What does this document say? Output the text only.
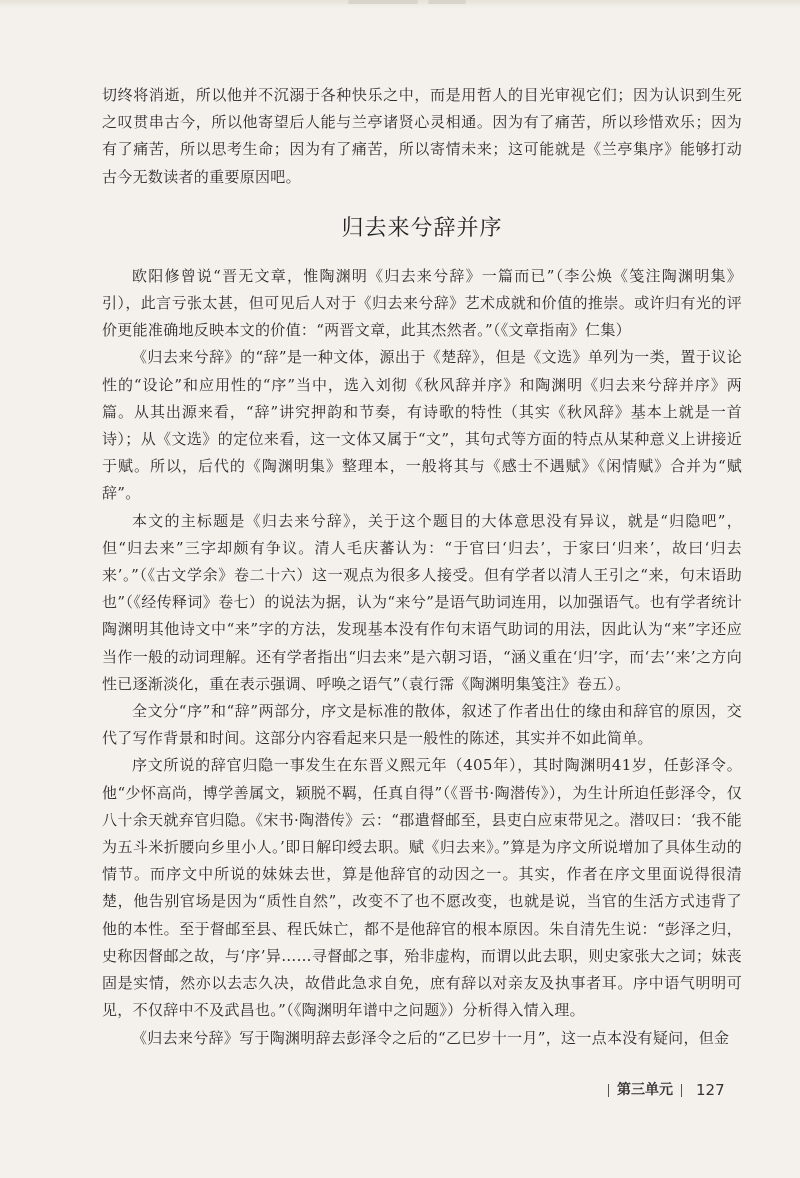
切终将消逝，所以他并不沉溺于各种快乐之中，而是用哲人的目光审视它们；因为认识到生死之叹贯串古今，所以他寄望后人能与兰亭诸贤心灵相通。因为有了痛苦，所以珍惜欢乐；因为有了痛苦，所以思考生命；因为有了痛苦，所以寄情未来；这可能就是《兰亭集序》能够打动古今无数读者的重要原因吧。

归去来兮辞并序

欧阳修曾说“晋无文章，惟陶渊明《归去来兮辞》一篇而已”（李公焕《笺注陶渊明集》引），此言亏张太甚，但可见后人对于《归去来兮辞》艺术成就和价值的推崇。或许归有光的评价更能准确地反映本文的价值：“两晋文章，此其杰然者。”（《文章指南》仁集）

《归去来兮辞》的“辞”是一种文体，源出于《楚辞》，但是《文选》单列为一类，置于议论性的“设论”和应用性的“序”当中，选入刘彻《秋风辞并序》和陶渊明《归去来兮辞并序》两篇。从其出源来看，“辞”讲究押韵和节奏，有诗歌的特性（其实《秋风辞》基本上就是一首诗）；从《文选》的定位来看，这一文体又属于“文”，其句式等方面的特点从某种意义上讲接近于赋。所以，后代的《陶渊明集》整理本，一般将其与《感士不遇赋》《闲情赋》合并为“赋辞”。

本文的主标题是《归去来兮辞》，关于这个题目的大体意思没有异议，就是“归隐吧”，但“归去来”三字却颇有争议。清人毛庆蕃认为：“于官曰‘归去’，于家曰‘归来’，故曰‘归去来’。”（《古文学余》卷二十六）这一观点为很多人接受。但有学者以清人王引之“来，句末语助也”（《经传释词》卷七）的说法为据，认为“来兮”是语气助词连用，以加强语气。也有学者统计陶渊明其他诗文中“来”字的方法，发现基本没有作句末语气助词的用法，因此认为“来”字还应当作一般的动词理解。还有学者指出“归去来”是六朝习语，“涵义重在‘归’字，而‘去’‘来’之方向性已逐渐淡化，重在表示强调、呼唤之语气”（袁行霈《陶渊明集笺注》卷五）。

全文分“序”和“辞”两部分，序文是标准的散体，叙述了作者出仕的缘由和辞官的原因，交代了写作背景和时间。这部分内容看起来只是一般性的陈述，其实并不如此简单。

序文所说的辞官归隐一事发生在东晋义熙元年（405年），其时陶渊明41岁，任彭泽令。他“少怀高尚，博学善属文，颖脱不羁，任真自得”（《晋书·陶潜传》），为生计所迫任彭泽令，仅八十余天就弃官归隐。《宋书·陶潜传》云：“郡遣督邮至，县吏白应束带见之。潜叹曰：‘我不能为五斗米折腰向乡里小人。’即日解印绶去职。赋《归去来》。”算是为序文所说增加了具体生动的情节。而序文中所说的妹妹去世，算是他辞官的动因之一。其实，作者在序文里面说得很清楚，他告别官场是因为“质性自然”，改变不了也不愿改变，也就是说，当官的生活方式违背了他的本性。至于督邮至县、程氏妹亡，都不是他辞官的根本原因。朱自清先生说：“彭泽之归，史称因督邮之故，与‘序’异……寻督邮之事，殆非虚构，而谓以此去职，则史家张大之词；妹丧固是实情，然亦以去志久决，故借此急求自免，庶有辞以对亲友及执事者耳。序中语气明明可见，不仅辞中不及武昌也。”（《陶渊明年谱中之问题》）分析得入情入理。

《归去来兮辞》写于陶渊明辞去彭泽令之后的“乙巳岁十一月”，这一点本没有疑问，但金

第三单元 127
